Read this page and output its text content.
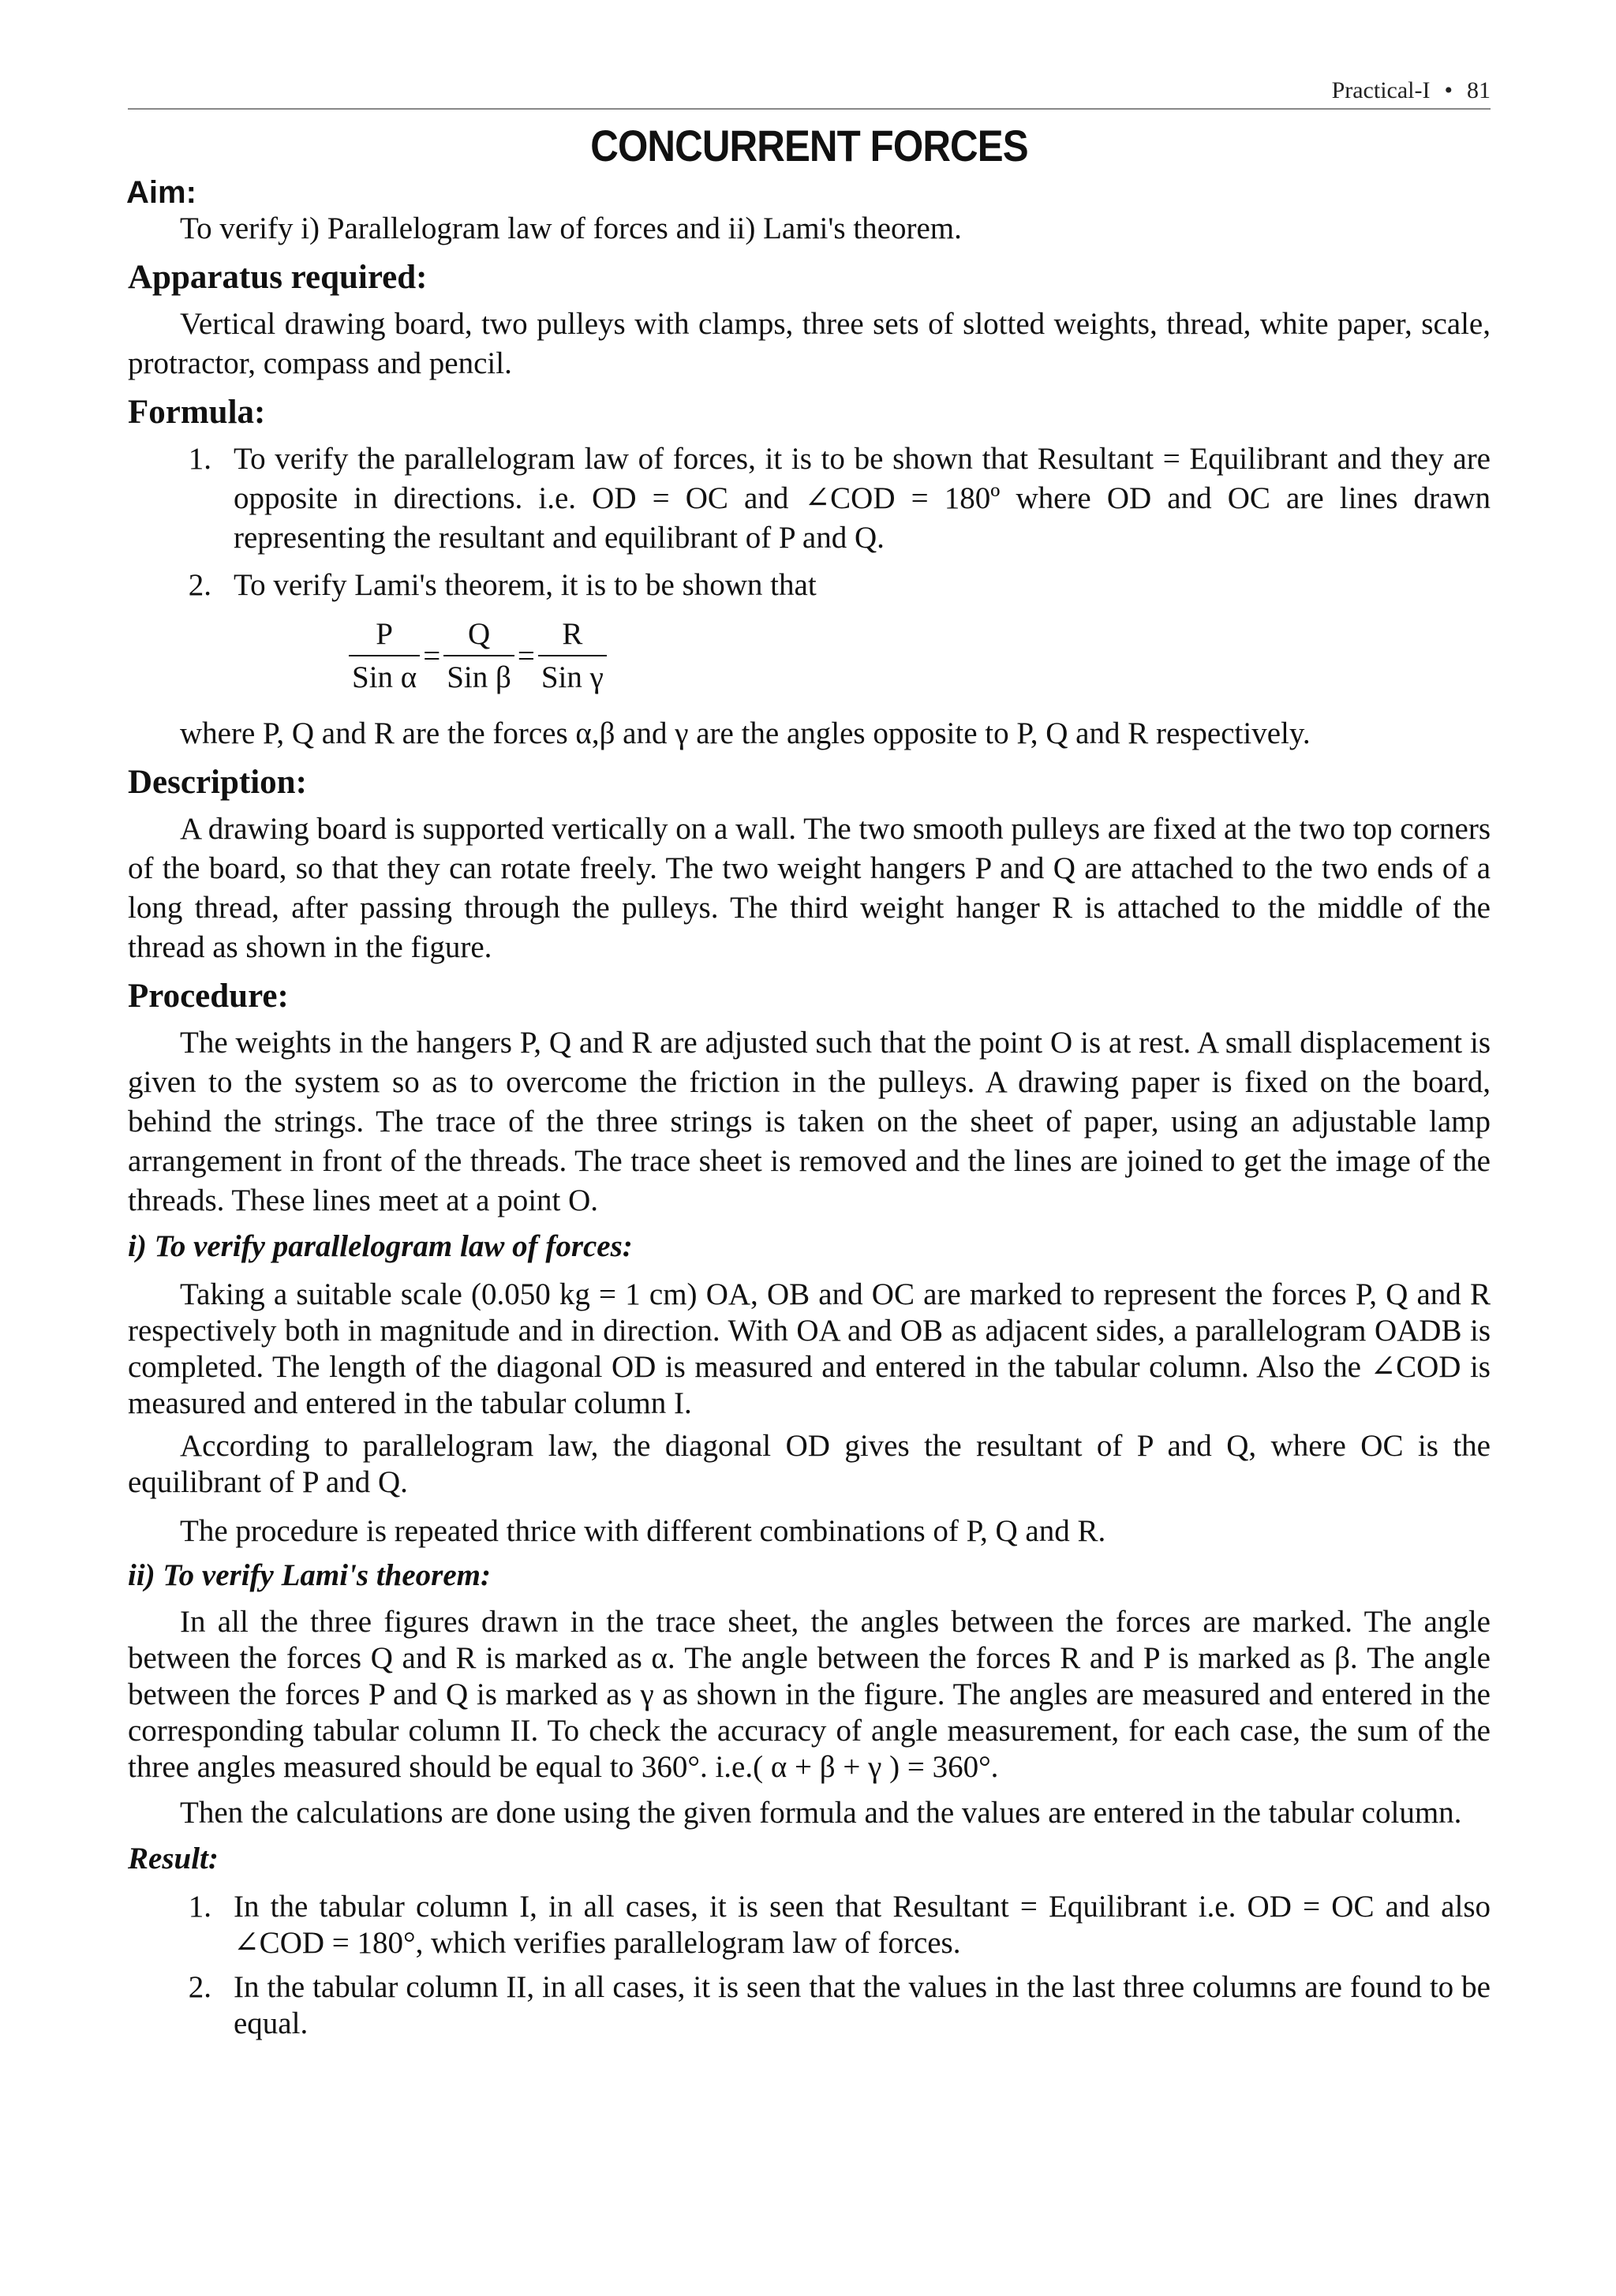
Practical-I • 81
CONCURRENT FORCES
Aim:

To verify i) Parallelogram law of forces and ii) Lami's theorem.

Apparatus required:

Vertical drawing board, two pulleys with clamps, three sets of slotted weights, thread, white paper, scale, protractor, compass and pencil.

Formula:
1. To verify the parallelogram law of forces, it is to be shown that Resultant = Equilibrant and they are opposite in directions. i.e. OD = OC and ∠COD = 180º where OD and OC are lines drawn representing the resultant and equilibrant of P and Q.
2. To verify Lami's theorem, it is to be shown that
$\frac{P}{\text{Sin α}} = \frac{Q}{\text{Sin β}} = \frac{R}{\text{Sin γ}}$

where P, Q and R are the forces α,β and γ are the angles opposite to P, Q and R respectively.

Description:

A drawing board is supported vertically on a wall. The two smooth pulleys are fixed at the two top corners of the board, so that they can rotate freely. The two weight hangers P and Q are attached to the two ends of a long thread, after passing through the pulleys. The third weight hanger R is attached to the middle of the thread as shown in the figure.

Procedure:

The weights in the hangers P, Q and R are adjusted such that the point O is at rest. A small displacement is given to the system so as to overcome the friction in the pulleys. A drawing paper is fixed on the board, behind the strings. The trace of the three strings is taken on the sheet of paper, using an adjustable lamp arrangement in front of the threads. The trace sheet is removed and the lines are joined to get the image of the threads. These lines meet at a point O.

i) To verify parallelogram law of forces:

Taking a suitable scale (0.050 kg = 1 cm) OA, OB and OC are marked to represent the forces P, Q and R respectively both in magnitude and in direction. With OA and OB as adjacent sides, a parallelogram OADB is completed. The length of the diagonal OD is measured and entered in the tabular column. Also the ∠COD is measured and entered in the tabular column I.

According to parallelogram law, the diagonal OD gives the resultant of P and Q, where OC is the equilibrant of P and Q.

The procedure is repeated thrice with different combinations of P, Q and R.

ii) To verify Lami's theorem:

In all the three figures drawn in the trace sheet, the angles between the forces are marked. The angle between the forces Q and R is marked as α. The angle between the forces R and P is marked as β. The angle between the forces P and Q is marked as γ as shown in the figure. The angles are measured and entered in the corresponding tabular column II. To check the accuracy of angle measurement, for each case, the sum of the three angles measured should be equal to 360°. i.e.( α + β + γ ) = 360°.

Then the calculations are done using the given formula and the values are entered in the tabular column.

Result:
1. In the tabular column I, in all cases, it is seen that Resultant = Equilibrant i.e. OD = OC and also ∠COD = 180°, which verifies parallelogram law of forces.
2. In the tabular column II, in all cases, it is seen that the values in the last three columns are found to be equal.
